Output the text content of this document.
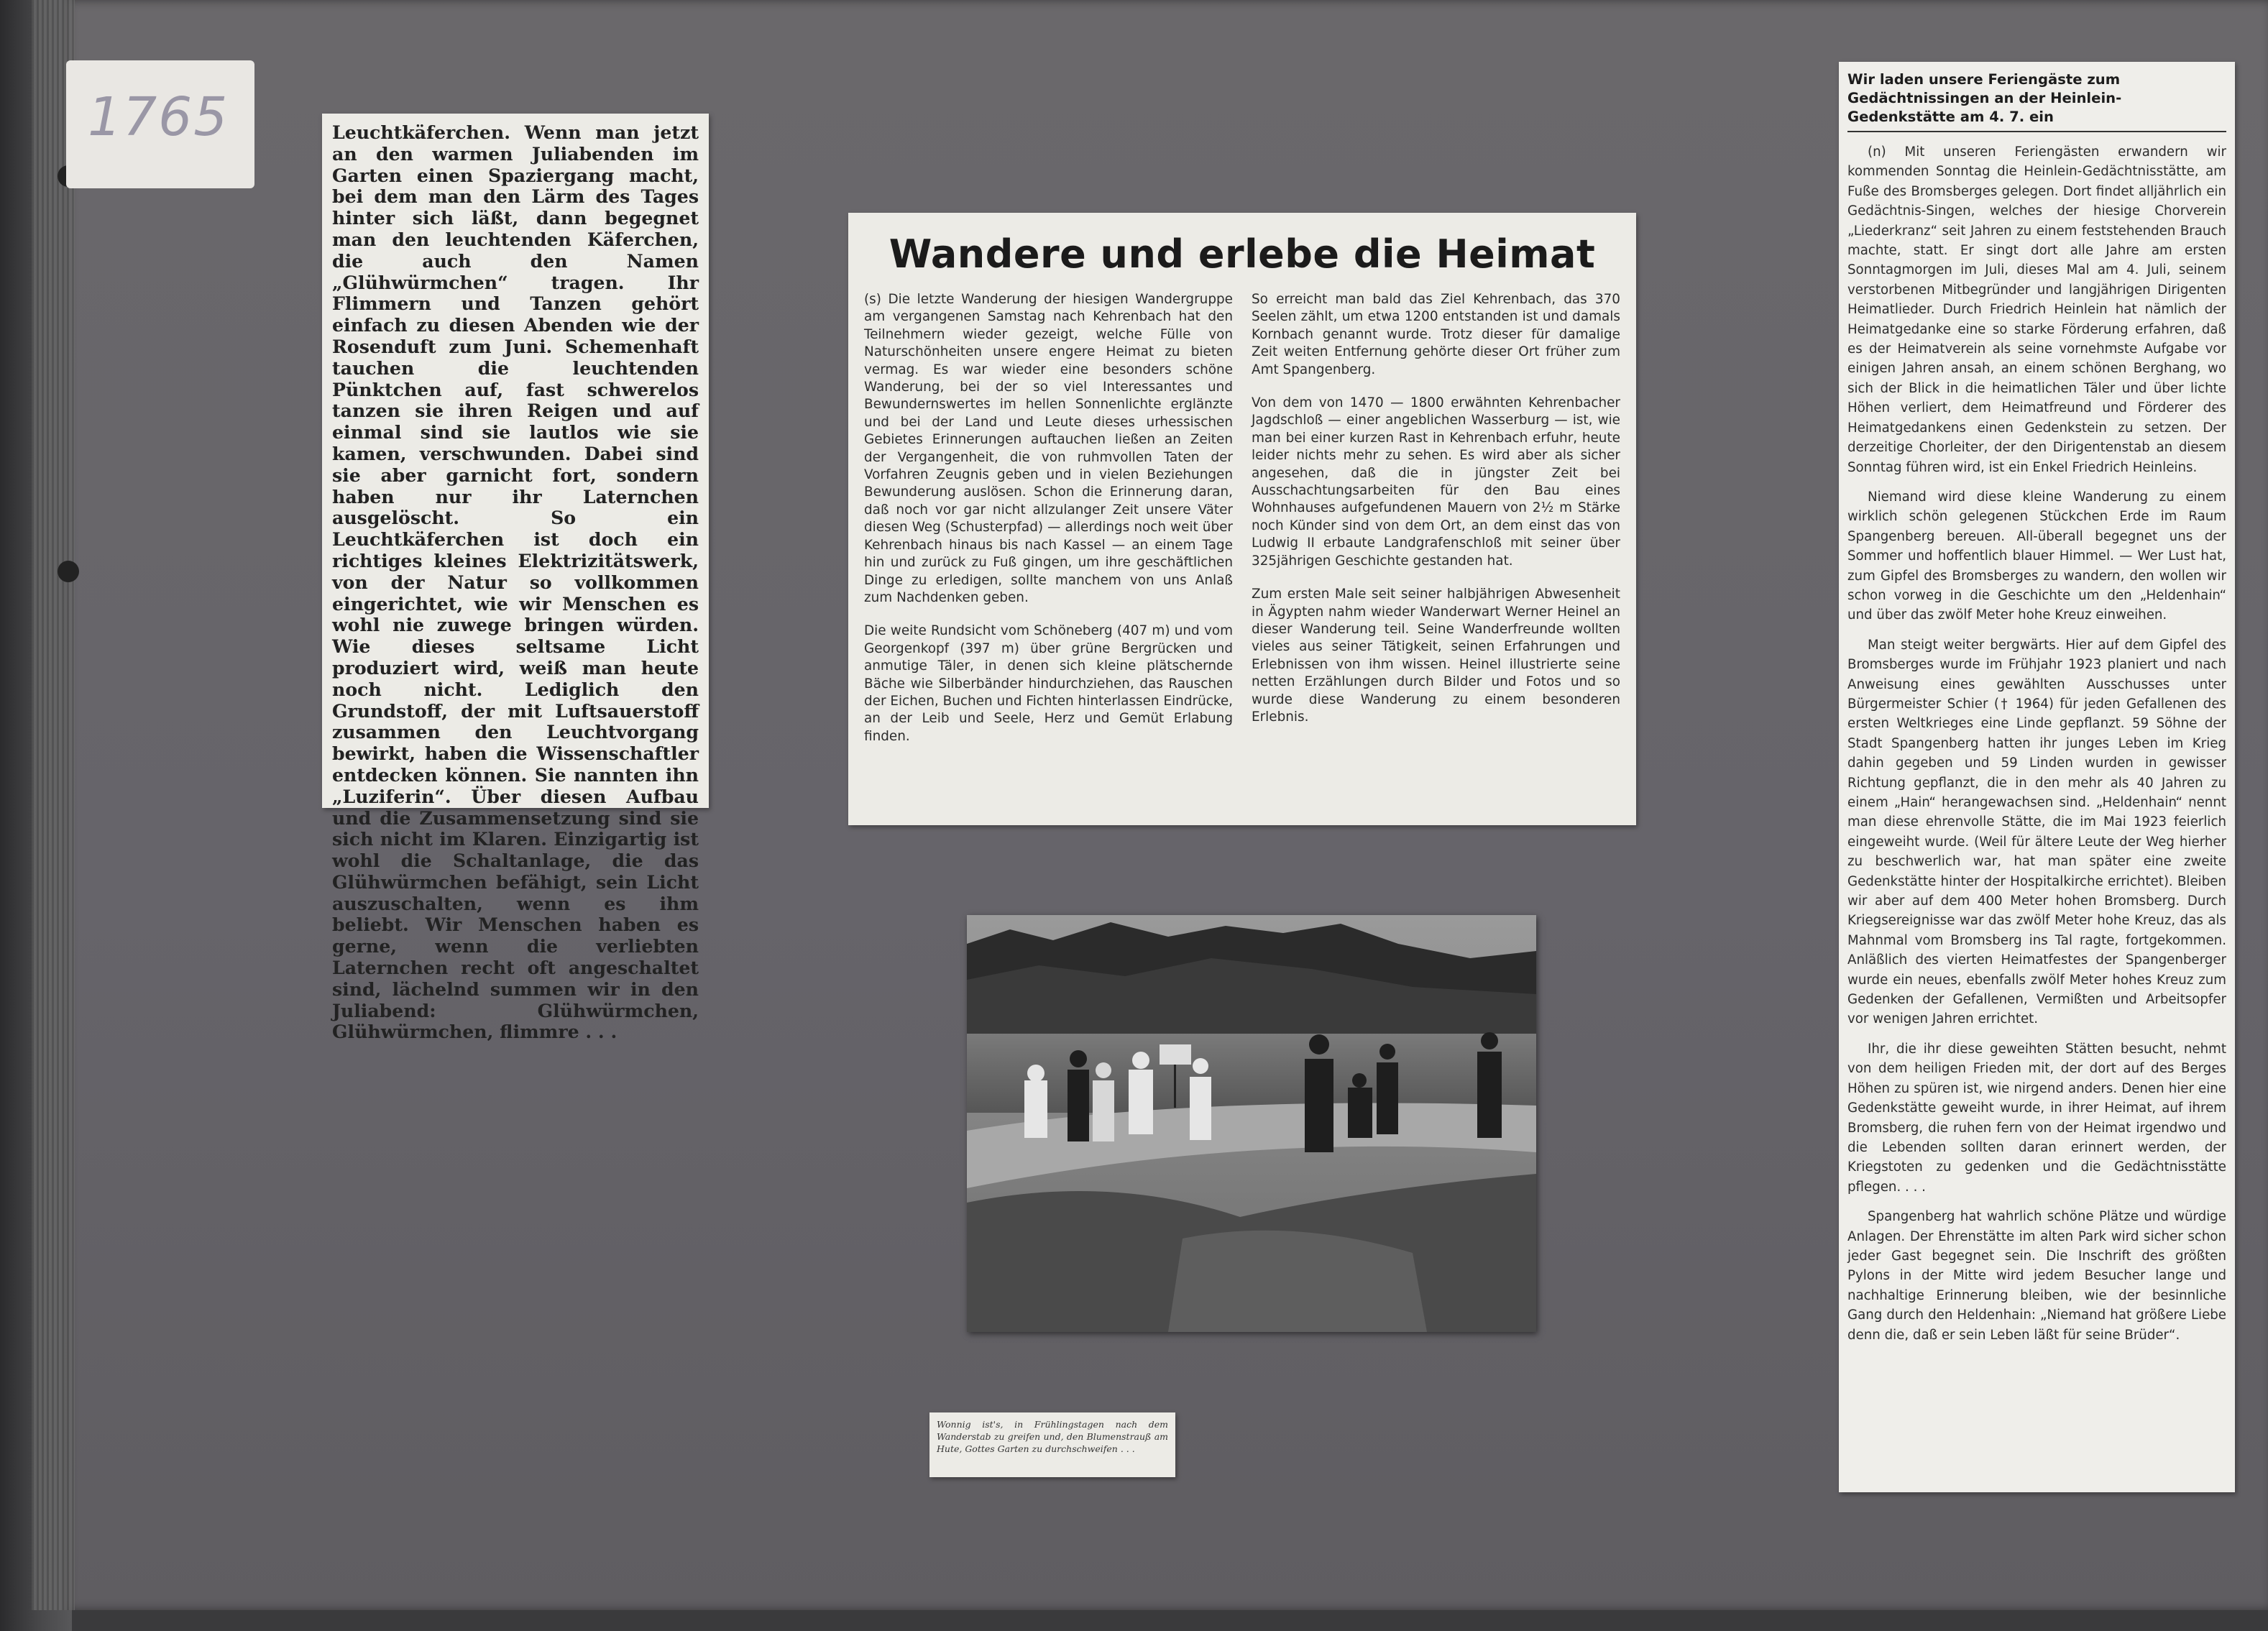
1765	Leuchtkäferchen. Wenn man jetzt an den warmen Juliabenden im Garten einen Spaziergang macht, bei dem man den Lärm des Tages hinter sich läßt, dann begegnet man den leuchtenden Käferchen, die auch den Namen „Glühwürmchen“ tragen. Ihr Flimmern und Tanzen gehört einfach zu diesen Abenden wie der Rosenduft zum Juni. Schemenhaft tauchen die leuchtenden Pünktchen auf, fast schwerelos tanzen sie ihren Reigen und auf einmal sind sie lautlos wie sie kamen, verschwunden. Dabei sind sie aber garnicht fort, sondern haben nur ihr Laternchen ausgelöscht. So ein Leuchtkäferchen ist doch ein richtiges kleines Elektrizitätswerk, von der Natur so vollkommen eingerichtet, wie wir Menschen es wohl nie zuwege bringen würden. Wie dieses seltsame Licht produziert wird, weiß man heute noch nicht. Lediglich den Grundstoff, der mit Luftsauerstoff zusammen den Leuchtvorgang bewirkt, haben die Wissenschaftler entdecken können. Sie nannten ihn „Luziferin“. Über diesen Aufbau und die Zusammensetzung sind sie sich nicht im Klaren. Einzigartig ist wohl die Schaltanlage, die das Glühwürmchen befähigt, sein Licht auszuschalten, wenn es ihm beliebt. Wir Menschen haben es gerne, wenn die verliebten Laternchen recht oft angeschaltet sind, lächelnd summen wir in den Juliabend: Glühwürmchen, Glühwürmchen, flimmre . . .

Wandere und erlebe die Heimat

(s) Die letzte Wanderung der hiesigen Wandergruppe am vergangenen Samstag nach Kehrenbach hat den Teilnehmern wieder gezeigt, welche Fülle von Naturschönheiten unsere engere Heimat zu bieten vermag. Es war wieder eine besonders schöne Wanderung, bei der so viel Interessantes und Bewundernswertes im hellen Sonnenlichte erglänzte und bei der Land und Leute dieses urhessischen Gebietes Erinnerungen auftauchen ließen an Zeiten der Vergangenheit, die von ruhmvollen Taten der Vorfahren Zeugnis geben und in vielen Beziehungen Bewunderung auslösen. Schon die Erinnerung daran, daß noch vor gar nicht allzulanger Zeit unsere Väter diesen Weg (Schusterpfad) — allerdings noch weit über Kehrenbach hinaus bis nach Kassel — an einem Tage hin und zurück zu Fuß gingen, um ihre geschäftlichen Dinge zu erledigen, sollte manchem von uns Anlaß zum Nachdenken geben.

Die weite Rundsicht vom Schöneberg (407 m) und vom Georgenkopf (397 m) über grüne Bergrücken und anmutige Täler, in denen sich kleine plätschernde Bäche wie Silberbänder hindurchziehen, das Rauschen der Eichen, Buchen und Fichten hinterlassen Eindrücke, an der Leib und Seele, Herz und Gemüt Erlabung finden.

So erreicht man bald das Ziel Kehrenbach, das 370 Seelen zählt, um etwa 1200 entstanden ist und damals Kornbach genannt wurde. Trotz dieser für damalige Zeit weiten Entfernung gehörte dieser Ort früher zum Amt Spangenberg.

Von dem von 1470 — 1800 erwähnten Kehrenbacher Jagdschloß — einer angeblichen Wasserburg — ist, wie man bei einer kurzen Rast in Kehrenbach erfuhr, heute leider nichts mehr zu sehen. Es wird aber als sicher angesehen, daß die in jüngster Zeit bei Ausschachtungsarbeiten für den Bau eines Wohnhauses aufgefundenen Mauern von 2½ m Stärke noch Künder sind von dem Ort, an dem einst das von Ludwig II erbaute Landgrafenschloß mit seiner über 325jährigen Geschichte gestanden hat.

Zum ersten Male seit seiner halbjährigen Abwesenheit in Ägypten nahm wieder Wanderwart Werner Heinel an dieser Wanderung teil. Seine Wanderfreunde wollten vieles aus seiner Tätigkeit, seinen Erfahrungen und Erlebnissen von ihm wissen. Heinel illustrierte seine netten Erzählungen durch Bilder und Fotos und so wurde diese Wanderung zu einem besonderen Erlebnis.

Wonnig ist's, in Frühlingstagen nach dem Wanderstab zu greifen und, den Blumenstrauß am Hute, Gottes Garten zu durchschweifen . . .

Wir laden unsere Feriengäste zum Gedächtnissingen an der Heinlein-Gedenkstätte am 4. 7. ein

(n) Mit unseren Feriengästen erwandern wir kommenden Sonntag die Heinlein-Gedächtnisstätte, am Fuße des Bromsberges gelegen. Dort findet alljährlich ein Gedächtnis-Singen, welches der hiesige Chorverein „Liederkranz“ seit Jahren zu einem feststehenden Brauch machte, statt. Er singt dort alle Jahre am ersten Sonntagmorgen im Juli, dieses Mal am 4. Juli, seinem verstorbenen Mitbegründer und langjährigen Dirigenten Heimatlieder. Durch Friedrich Heinlein hat nämlich der Heimatgedanke eine so starke Förderung erfahren, daß es der Heimatverein als seine vornehmste Aufgabe vor einigen Jahren ansah, an einem schönen Berghang, wo sich der Blick in die heimatlichen Täler und über lichte Höhen verliert, dem Heimatfreund und Förderer des Heimatgedankens einen Gedenkstein zu setzen. Der derzeitige Chorleiter, der den Dirigentenstab an diesem Sonntag führen wird, ist ein Enkel Friedrich Heinleins.

Niemand wird diese kleine Wanderung zu einem wirklich schön gelegenen Stückchen Erde im Raum Spangenberg bereuen. All-überall begegnet uns der Sommer und hoffentlich blauer Himmel. — Wer Lust hat, zum Gipfel des Bromsberges zu wandern, den wollen wir schon vorweg in die Geschichte um den „Heldenhain“ und über das zwölf Meter hohe Kreuz einweihen.

Man steigt weiter bergwärts. Hier auf dem Gipfel des Bromsberges wurde im Frühjahr 1923 planiert und nach Anweisung eines gewählten Ausschusses unter Bürgermeister Schier († 1964) für jeden Gefallenen des ersten Weltkrieges eine Linde gepflanzt. 59 Söhne der Stadt Spangenberg hatten ihr junges Leben im Krieg dahin gegeben und 59 Linden wurden in gewisser Richtung gepflanzt, die in den mehr als 40 Jahren zu einem „Hain“ herangewachsen sind. „Heldenhain“ nennt man diese ehrenvolle Stätte, die im Mai 1923 feierlich eingeweiht wurde. (Weil für ältere Leute der Weg hierher zu beschwerlich war, hat man später eine zweite Gedenkstätte hinter der Hospitalkirche errichtet). Bleiben wir aber auf dem 400 Meter hohen Bromsberg. Durch Kriegsereignisse war das zwölf Meter hohe Kreuz, das als Mahnmal vom Bromsberg ins Tal ragte, fortgekommen. Anläßlich des vierten Heimatfestes der Spangenberger wurde ein neues, ebenfalls zwölf Meter hohes Kreuz zum Gedenken der Gefallenen, Vermißten und Arbeitsopfer vor wenigen Jahren errichtet.

Ihr, die ihr diese geweihten Stätten besucht, nehmt von dem heiligen Frieden mit, der dort auf des Berges Höhen zu spüren ist, wie nirgend anders. Denen hier eine Gedenkstätte geweiht wurde, in ihrer Heimat, auf ihrem Bromsberg, die ruhen fern von der Heimat irgendwo und die Lebenden sollten daran erinnert werden, der Kriegstoten zu gedenken und die Gedächtnisstätte pflegen. . . .

Spangenberg hat wahrlich schöne Plätze und würdige Anlagen. Der Ehrenstätte im alten Park wird sicher schon jeder Gast begegnet sein. Die Inschrift des größten Pylons in der Mitte wird jedem Besucher lange und nachhaltige Erinnerung bleiben, wie der besinnliche Gang durch den Heldenhain: „Niemand hat größere Liebe denn die, daß er sein Leben läßt für seine Brüder“.
